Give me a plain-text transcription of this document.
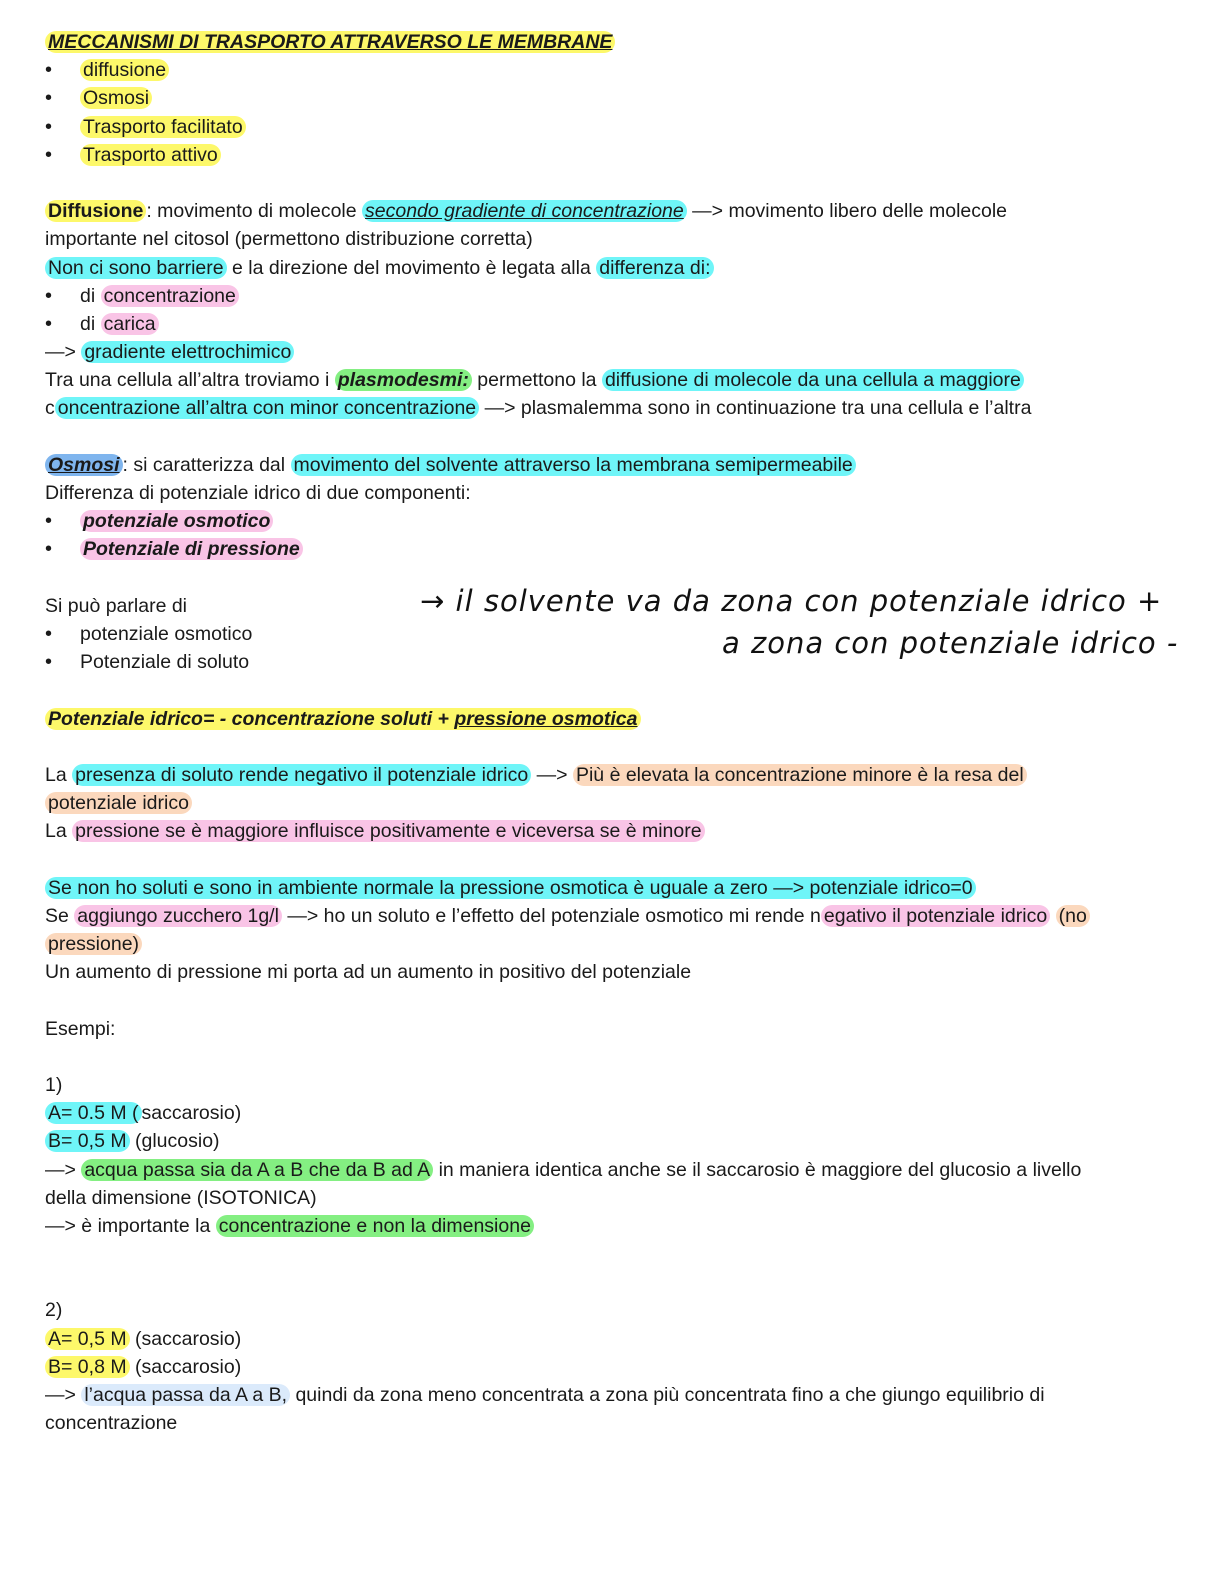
MECCANISMI DI TRASPORTO ATTRAVERSO LE MEMBRANE
• diffusione
• Osmosi
• Trasporto facilitato
• Trasporto attivo
Diffusione : movimento di molecole secondo gradiente di concentrazione —> movimento libero delle molecole
importante nel citosol (permettono distribuzione corretta)
Non ci sono barriere e la direzione del movimento è legata alla differenza di:
• di concentrazione
• di carica
—> gradiente elettrochimico
Tra una cellula all’altra troviamo i plasmodesmi: permettono la diffusione di molecole da una cellula a maggiore
c oncentrazione all’altra con minor concentrazione —> plasmalemma sono in continuazione tra una cellula e l’altra
Osmosi : si caratterizza dal movimento del solvente attraverso la membrana semipermeabile
Differenza di potenziale idrico di due componenti:
• potenziale osmotico
• Potenziale di pressione
Si può parlare di
• potenziale osmotico
• Potenziale di soluto
Potenziale idrico= - concentrazione soluti + pressione osmotica
La presenza di soluto rende negativo il potenziale idrico —> Più è elevata la concentrazione minore è la resa del
potenziale idrico
La pressione se è maggiore influisce positivamente e viceversa se è minore
Se non ho soluti e sono in ambiente normale la pressione osmotica è uguale a zero —> potenziale idrico=0
Se aggiungo zucchero 1g/l —> ho un soluto e l’effetto del potenziale osmotico mi rende n egativo il potenziale idrico (no
pressione)
Un aumento di pressione mi porta ad un aumento in positivo del potenziale
Esempi:
1)
A= 0.5 M ( saccarosio)
B= 0,5 M (glucosio)
—> acqua passa sia da A a B che da B ad A in maniera identica anche se il saccarosio è maggiore del glucosio a livello
della dimensione (ISOTONICA)
—> è importante la concentrazione e non la dimensione
2)
A= 0,5 M (saccarosio)
B= 0,8 M (saccarosio)
—> l’acqua passa da A a B, quindi da zona meno concentrata a zona più concentrata fino a che giungo equilibrio di
concentrazione
→ il solvente va da zona con potenziale idrico +
a zona con potenziale idrico -
